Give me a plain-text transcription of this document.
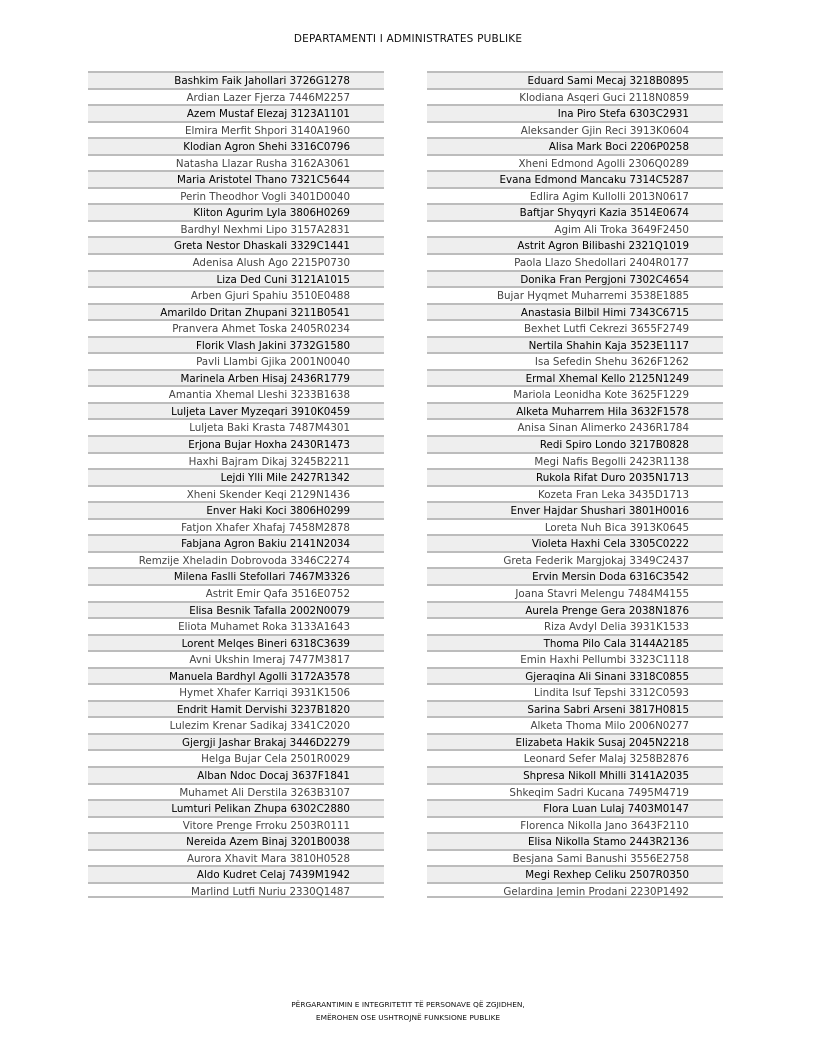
DEPARTAMENTI I ADMINISTRATES PUBLIKE
Bashkim Faik Jahollari 3726G1278
Ardian Lazer Fjerza 7446M2257
Azem Mustaf Elezaj 3123A1101
Elmira Merfit Shpori 3140A1960
Klodian Agron Shehi 3316C0796
Natasha Llazar Rusha 3162A3061
Maria Aristotel Thano 7321C5644
Perin Theodhor Vogli 3401D0040
Kliton Agurim Lyla 3806H0269
Bardhyl Nexhmi Lipo 3157A2831
Greta Nestor Dhaskali 3329C1441
Adenisa Alush Ago 2215P0730
Liza Ded Cuni 3121A1015
Arben Gjuri Spahiu 3510E0488
Amarildo Dritan Zhupani 3211B0541
Pranvera Ahmet Toska 2405R0234
Florik Vlash Jakini 3732G1580
Pavli Llambi Gjika 2001N0040
Marinela Arben Hisaj 2436R1779
Amantia Xhemal Lleshi 3233B1638
Luljeta Laver Myzeqari 3910K0459
Luljeta Baki Krasta 7487M4301
Erjona Bujar Hoxha 2430R1473
Haxhi Bajram Dikaj 3245B2211
Lejdi Ylli Mile 2427R1342
Xheni Skender Keqi 2129N1436
Enver Haki Koci 3806H0299
Fatjon Xhafer Xhafaj 7458M2878
Fabjana Agron Bakiu 2141N2034
Remzije Xheladin Dobrovoda 3346C2274
Milena Faslli Stefollari 7467M3326
Astrit Emir Qafa 3516E0752
Elisa Besnik Tafalla 2002N0079
Eliota Muhamet Roka 3133A1643
Lorent Melqes Bineri 6318C3639
Avni Ukshin Imeraj 7477M3817
Manuela Bardhyl Agolli 3172A3578
Hymet Xhafer Karriqi 3931K1506
Endrit Hamit Dervishi 3237B1820
Lulezim Krenar Sadikaj 3341C2020
Gjergji Jashar Brakaj 3446D2279
Helga Bujar Cela 2501R0029
Alban Ndoc Docaj 3637F1841
Muhamet Ali Derstila 3263B3107
Lumturi Pelikan Zhupa 6302C2880
Vitore Prenge Frroku 2503R0111
Nereida Azem Binaj 3201B0038
Aurora Xhavit Mara 3810H0528
Aldo Kudret Celaj 7439M1942
Marlind Lutfi Nuriu 2330Q1487
Eduard Sami Mecaj 3218B0895
Klodiana Asqeri Guci 2118N0859
Ina Piro Stefa 6303C2931
Aleksander Gjin Reci 3913K0604
Alisa Mark Boci 2206P0258
Xheni Edmond Agolli 2306Q0289
Evana Edmond Mancaku 7314C5287
Edlira Agim Kullolli 2013N0617
Baftjar Shyqyri Kazia 3514E0674
Agim Ali Troka 3649F2450
Astrit Agron Bilibashi 2321Q1019
Paola Llazo Shedollari 2404R0177
Donika Fran Pergjoni 7302C4654
Bujar Hyqmet Muharremi 3538E1885
Anastasia Bilbil Himi 7343C6715
Bexhet Lutfi Cekrezi 3655F2749
Nertila Shahin Kaja 3523E1117
Isa Sefedin Shehu 3626F1262
Ermal Xhemal Kello 2125N1249
Mariola Leonidha Kote 3625F1229
Alketa Muharrem Hila 3632F1578
Anisa Sinan Alimerko 2436R1784
Redi Spiro Londo 3217B0828
Megi Nafis Begolli 2423R1138
Rukola Rifat Duro 2035N1713
Kozeta Fran Leka 3435D1713
Enver Hajdar Shushari 3801H0016
Loreta Nuh Bica 3913K0645
Violeta Haxhi Cela 3305C0222
Greta Federik Margjokaj 3349C2437
Ervin Mersin Doda 6316C3542
Joana Stavri Melengu 7484M4155
Aurela Prenge Gera 2038N1876
Riza Avdyl Delia 3931K1533
Thoma Pilo Cala 3144A2185
Emin Haxhi Pellumbi 3323C1118
Gjeraqina Ali Sinani 3318C0855
Lindita Isuf Tepshi 3312C0593
Sarina Sabri Arseni 3817H0815
Alketa Thoma Milo 2006N0277
Elizabeta Hakik Susaj 2045N2218
Leonard Sefer Malaj 3258B2876
Shpresa Nikoll Mhilli 3141A2035
Shkeqim Sadri Kucana 7495M4719
Flora Luan Lulaj 7403M0147
Florenca Nikolla Jano 3643F2110
Elisa Nikolla Stamo 2443R2136
Besjana Sami Banushi 3556E2758
Megi Rexhep Celiku 2507R0350
Gelardina Jemin Prodani 2230P1492
PËRGARANTIMIN E INTEGRITETIT TË PERSONAVE QË ZGJIDHEN,
EMËROHEN OSE USHTROJNË FUNKSIONE PUBLIKE
